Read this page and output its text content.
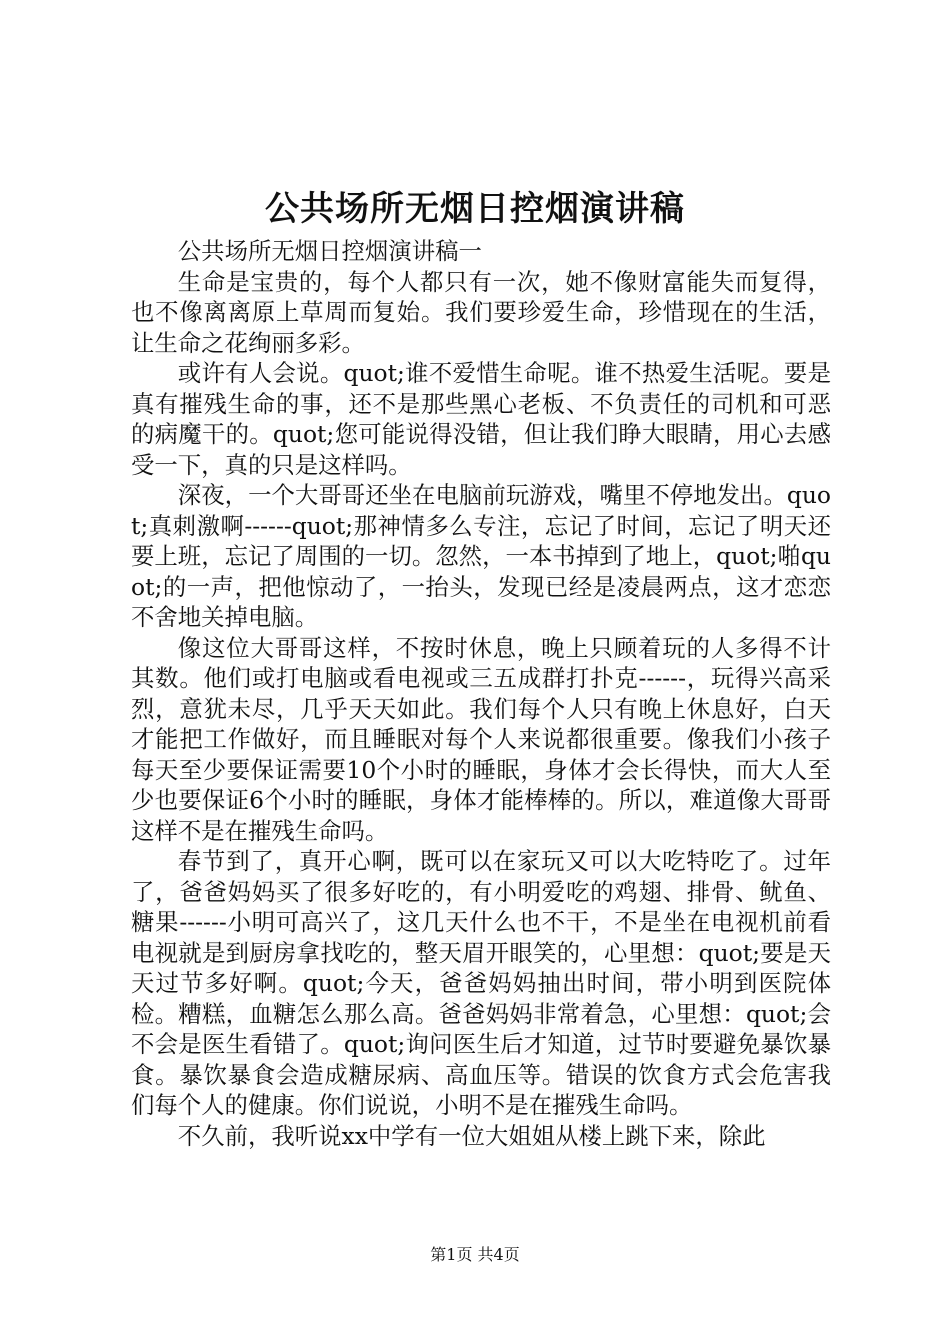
公共场所无烟日控烟演讲稿

公共场所无烟日控烟演讲稿一

生命是宝贵的，每个人都只有一次，她不像财富能失而复得，也不像离离原上草周而复始。我们要珍爱生命，珍惜现在的生活，让生命之花绚丽多彩。

或许有人会说。quot;谁不爱惜生命呢。谁不热爱生活呢。要是真有摧残生命的事，还不是那些黑心老板、不负责任的司机和可恶的病魔干的。quot;您可能说得没错，但让我们睁大眼睛，用心去感受一下，真的只是这样吗。

深夜，一个大哥哥还坐在电脑前玩游戏，嘴里不停地发出。quot;真刺激啊------quot;那神情多么专注，忘记了时间，忘记了明天还要上班，忘记了周围的一切。忽然，一本书掉到了地上，quot;啪quot;的一声，把他惊动了，一抬头，发现已经是凌晨两点，这才恋恋不舍地关掉电脑。

像这位大哥哥这样，不按时休息，晚上只顾着玩的人多得不计其数。他们或打电脑或看电视或三五成群打扑克------，玩得兴高采烈，意犹未尽，几乎天天如此。我们每个人只有晚上休息好，白天才能把工作做好，而且睡眠对每个人来说都很重要。像我们小孩子每天至少要保证需要10个小时的睡眠，身体才会长得快，而大人至少也要保证6个小时的睡眠，身体才能棒棒的。所以，难道像大哥哥这样不是在摧残生命吗。

春节到了，真开心啊，既可以在家玩又可以大吃特吃了。过年了，爸爸妈妈买了很多好吃的，有小明爱吃的鸡翅、排骨、鱿鱼、糖果------小明可高兴了，这几天什么也不干，不是坐在电视机前看电视就是到厨房拿找吃的，整天眉开眼笑的，心里想：quot;要是天天过节多好啊。quot;今天，爸爸妈妈抽出时间，带小明到医院体检。糟糕，血糖怎么那么高。爸爸妈妈非常着急，心里想：quot;会不会是医生看错了。quot;询问医生后才知道，过节时要避免暴饮暴食。暴饮暴食会造成糖尿病、高血压等。错误的饮食方式会危害我们每个人的健康。你们说说，小明不是在摧残生命吗。

不久前，我听说xx中学有一位大姐姐从楼上跳下来，除此

第1页 共4页
